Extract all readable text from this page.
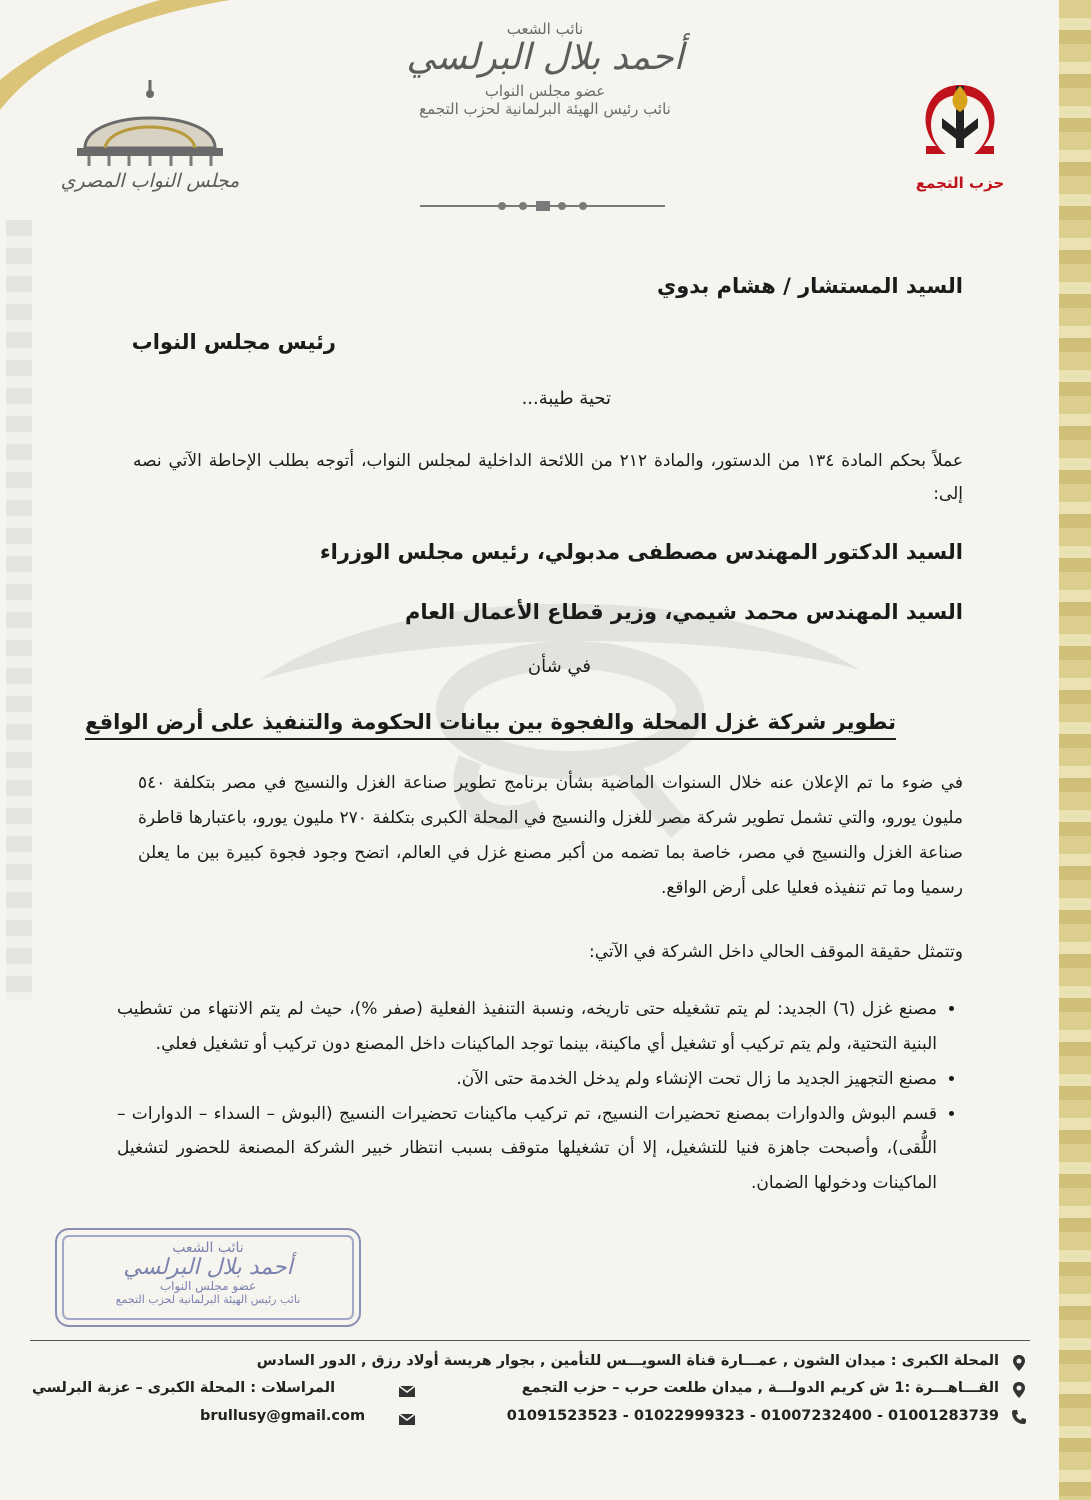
حزب التجمع
نائب الشعب
أحمد بلال البرلسي
عضو مجلس النواب
نائب رئيس الهيئة البرلمانية لحزب التجمع
مجلس النواب المصري
السيد المستشار / هشام بدوي
رئيس مجلس النواب
تحية طيبة...
عملاً بحكم المادة ١٣٤ من الدستور، والمادة ٢١٢ من اللائحة الداخلية لمجلس النواب، أتوجه بطلب الإحاطة الآتي نصه إلى:
السيد الدكتور المهندس مصطفى مدبولي، رئيس مجلس الوزراء
السيد المهندس محمد شيمي، وزير قطاع الأعمال العام
في شأن
تطوير شركة غزل المحلة والفجوة بين بيانات الحكومة والتنفيذ على أرض الواقع
في ضوء ما تم الإعلان عنه خلال السنوات الماضية بشأن برنامج تطوير صناعة الغزل والنسيج في مصر بتكلفة ٥٤٠ مليون يورو، والتي تشمل تطوير شركة مصر للغزل والنسيج في المحلة الكبرى بتكلفة ٢٧٠ مليون يورو، باعتبارها قاطرة صناعة الغزل والنسيج في مصر، خاصة بما تضمه من أكبر مصنع غزل في العالم، اتضح وجود فجوة كبيرة بين ما يعلن رسميا وما تم تنفيذه فعليا على أرض الواقع.
وتتمثل حقيقة الموقف الحالي داخل الشركة في الآتي:
• مصنع غزل (٦) الجديد: لم يتم تشغيله حتى تاريخه، ونسبة التنفيذ الفعلية (صفر %)، حيث لم يتم الانتهاء من تشطيب البنية التحتية، ولم يتم تركيب أو تشغيل أي ماكينة، بينما توجد الماكينات داخل المصنع دون تركيب أو تشغيل فعلي.
• مصنع التجهيز الجديد ما زال تحت الإنشاء ولم يدخل الخدمة حتى الآن.
• قسم البوش والدوارات بمصنع تحضيرات النسيج، تم تركيب ماكينات تحضيرات النسيج (البوش – السداء – الدوارات – اللُّقى)، وأصبحت جاهزة فنيا للتشغيل، إلا أن تشغيلها متوقف بسبب انتظار خبير الشركة المصنعة للحضور لتشغيل الماكينات ودخولها الضمان.
نائب الشعب
أحمد بلال البرلسي
عضو مجلس النواب
نائب رئيس الهيئة البرلمانية لحزب التجمع
المحلة الكبرى : ميدان الشون , عمـــارة قناة السويـــس للتأمين , بجوار هريسة أولاد رزق , الدور السادس
القـــاهـــرة :1 ش كريم الدولـــة , ميدان طلعت حرب – حزب التجمع
01091523523 - 01022999323 - 01007232400 - 01001283739
المراسلات : المحلة الكبرى – عزبة البرلسي
brullusy@gmail.com
